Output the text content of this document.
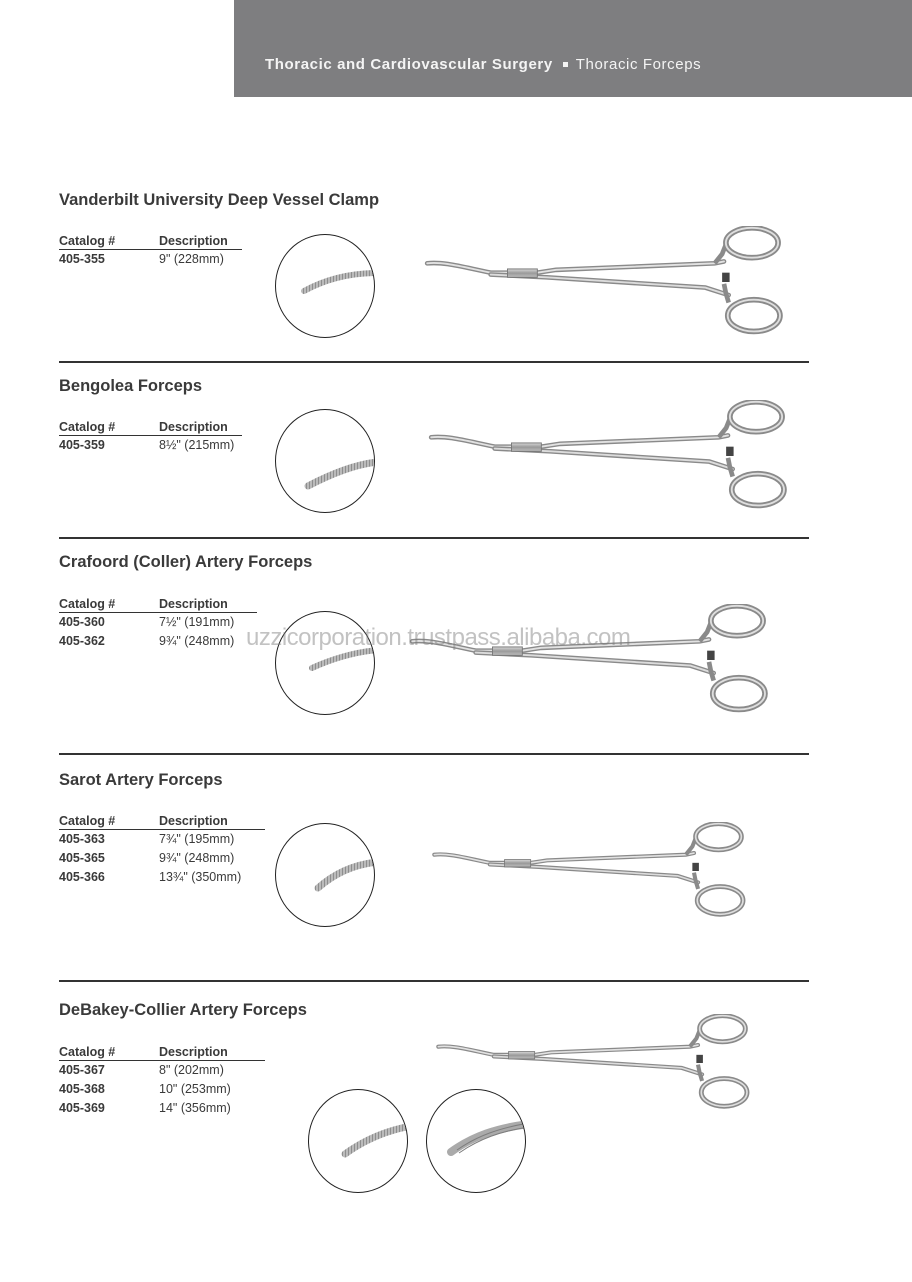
Thoracic and Cardiovascular Surgery Thoracic Forceps
Vanderbilt University Deep Vessel Clamp
Catalog #	Description
405-355	9" (228mm)
Bengolea Forceps
Catalog #	Description
405-359	8½" (215mm)
Crafoord (Coller) Artery Forceps
Catalog #	Description
405-360	7½" (191mm)
405-362	9¾" (248mm) uzzicorporation.trustpass.alibaba.com
Sarot Artery Forceps
Catalog #	Description
405-363	7¾" (195mm)
405-365	9¾" (248mm)
405-366	13¾" (350mm)
DeBakey-Collier Artery Forceps
Catalog #	Description
405-367	8" (202mm)
405-368	10" (253mm)
405-369	14" (356mm)
